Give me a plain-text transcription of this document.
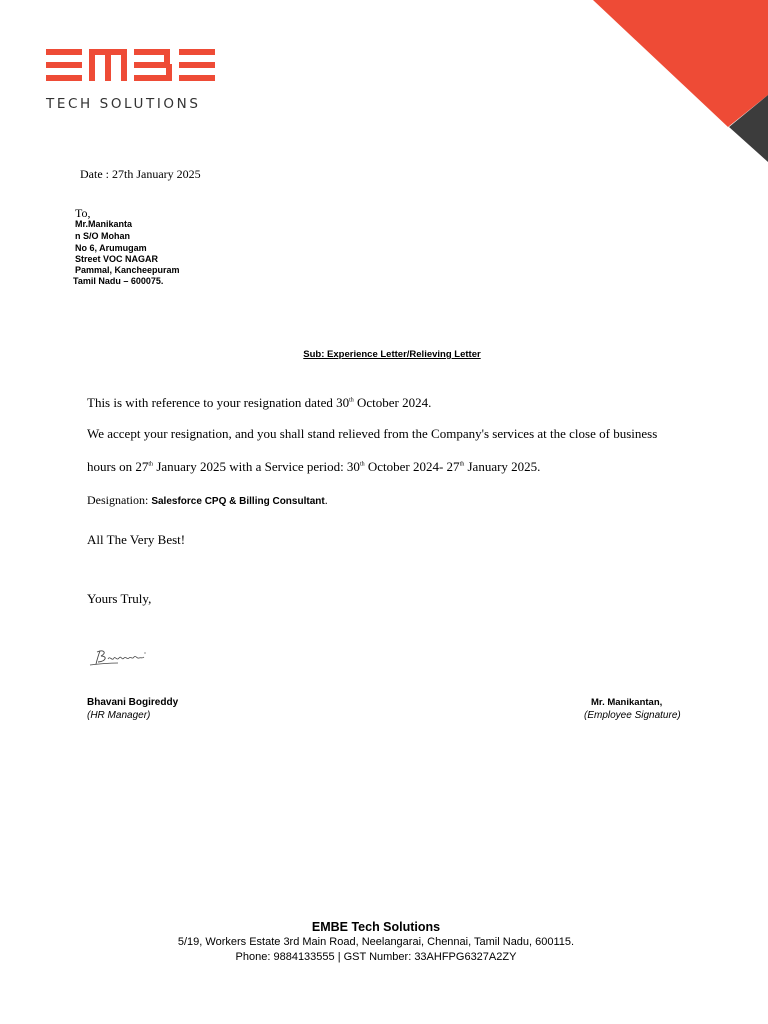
TECH SOLUTIONS
Date : 27th January 2025
To,
Mr.Manikanta
n S/O Mohan
No 6, Arumugam
Street VOC NAGAR
Pammal, Kancheepuram
Tamil Nadu – 600075.
Sub: Experience Letter/Relieving Letter
This is with reference to your resignation dated 30th October 2024.
We accept your resignation, and you shall stand relieved from the Company's services at the close of business
hours on 27th January 2025 with a Service period: 30th October 2024- 27th January 2025.
Designation: Salesforce CPQ & Billing Consultant.
All The Very Best!
Yours Truly,
Bhavani Bogireddy
(HR Manager)
Mr. Manikantan,
(Employee Signature)
EMBE Tech Solutions
5/19, Workers Estate 3rd Main Road, Neelangarai, Chennai, Tamil Nadu, 600115.
Phone: 9884133555 | GST Number: 33AHFPG6327A2ZY
